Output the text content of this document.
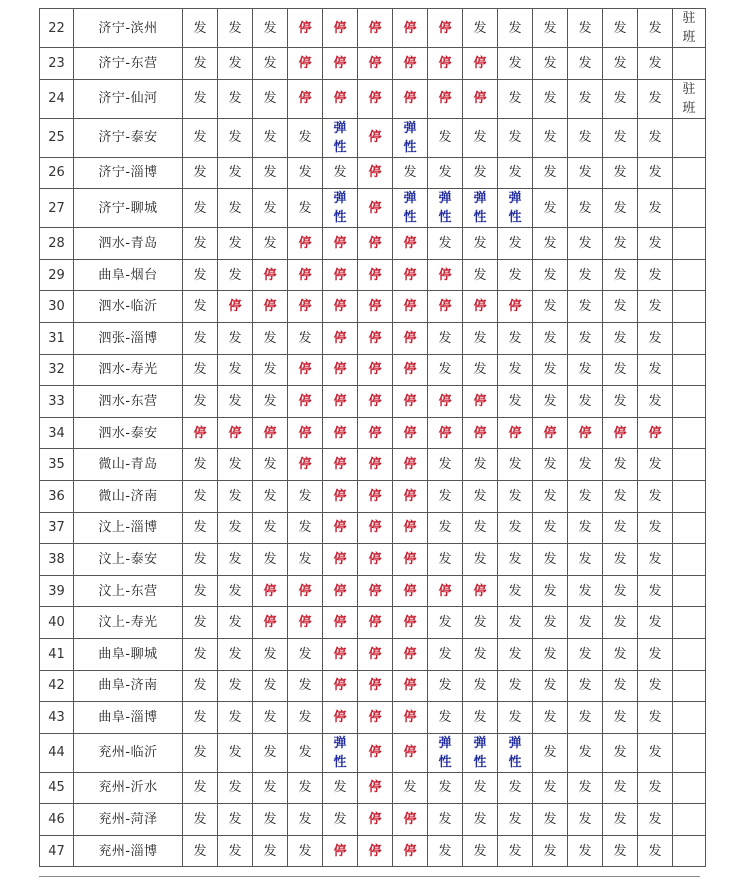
22	济宁-滨州	发	发	发	停	停	停	停	停	发	发	发	发	发	发	驻
班

23	济宁-东营	发	发	发	停	停	停	停	停	停	发	发	发	发	发	
24	济宁-仙河	发	发	发	停	停	停	停	停	停	发	发	发	发	发	驻
班

25	济宁-泰安	发	发	发	发	弹
性	停	弹
性	发	发	发	发	发	发	发	
26	济宁-淄博	发	发	发	发	发	停	发	发	发	发	发	发	发	发	
27	济宁-聊城	发	发	发	发	弹
性	停	弹
性	弹
性	弹
性	弹
性	发	发	发	发	
28	泗水-青岛	发	发	发	停	停	停	停	发	发	发	发	发	发	发	
29	曲阜-烟台	发	发	停	停	停	停	停	停	发	发	发	发	发	发	
30	泗水-临沂	发	停	停	停	停	停	停	停	停	停	发	发	发	发	
31	泗张-淄博	发	发	发	发	停	停	停	发	发	发	发	发	发	发	
32	泗水-寿光	发	发	发	停	停	停	停	发	发	发	发	发	发	发	
33	泗水-东营	发	发	发	停	停	停	停	停	停	发	发	发	发	发	
34	泗水-泰安	停	停	停	停	停	停	停	停	停	停	停	停	停	停	
35	微山-青岛	发	发	发	停	停	停	停	发	发	发	发	发	发	发	
36	微山-济南	发	发	发	发	停	停	停	发	发	发	发	发	发	发	
37	汶上-淄博	发	发	发	发	停	停	停	发	发	发	发	发	发	发	
38	汶上-泰安	发	发	发	发	停	停	停	发	发	发	发	发	发	发	
39	汶上-东营	发	发	停	停	停	停	停	停	停	发	发	发	发	发	
40	汶上-寿光	发	发	停	停	停	停	停	发	发	发	发	发	发	发	
41	曲阜-聊城	发	发	发	发	停	停	停	发	发	发	发	发	发	发	
42	曲阜-济南	发	发	发	发	停	停	停	发	发	发	发	发	发	发	
43	曲阜-淄博	发	发	发	发	停	停	停	发	发	发	发	发	发	发	
44	兖州-临沂	发	发	发	发	弹
性	停	停	弹
性	弹
性	弹
性	发	发	发	发	
45	兖州-沂水	发	发	发	发	发	停	发	发	发	发	发	发	发	发	
46	兖州-菏泽	发	发	发	发	发	停	停	发	发	发	发	发	发	发	
47	兖州-淄博	发	发	发	发	停	停	停	发	发	发	发	发	发	发	
